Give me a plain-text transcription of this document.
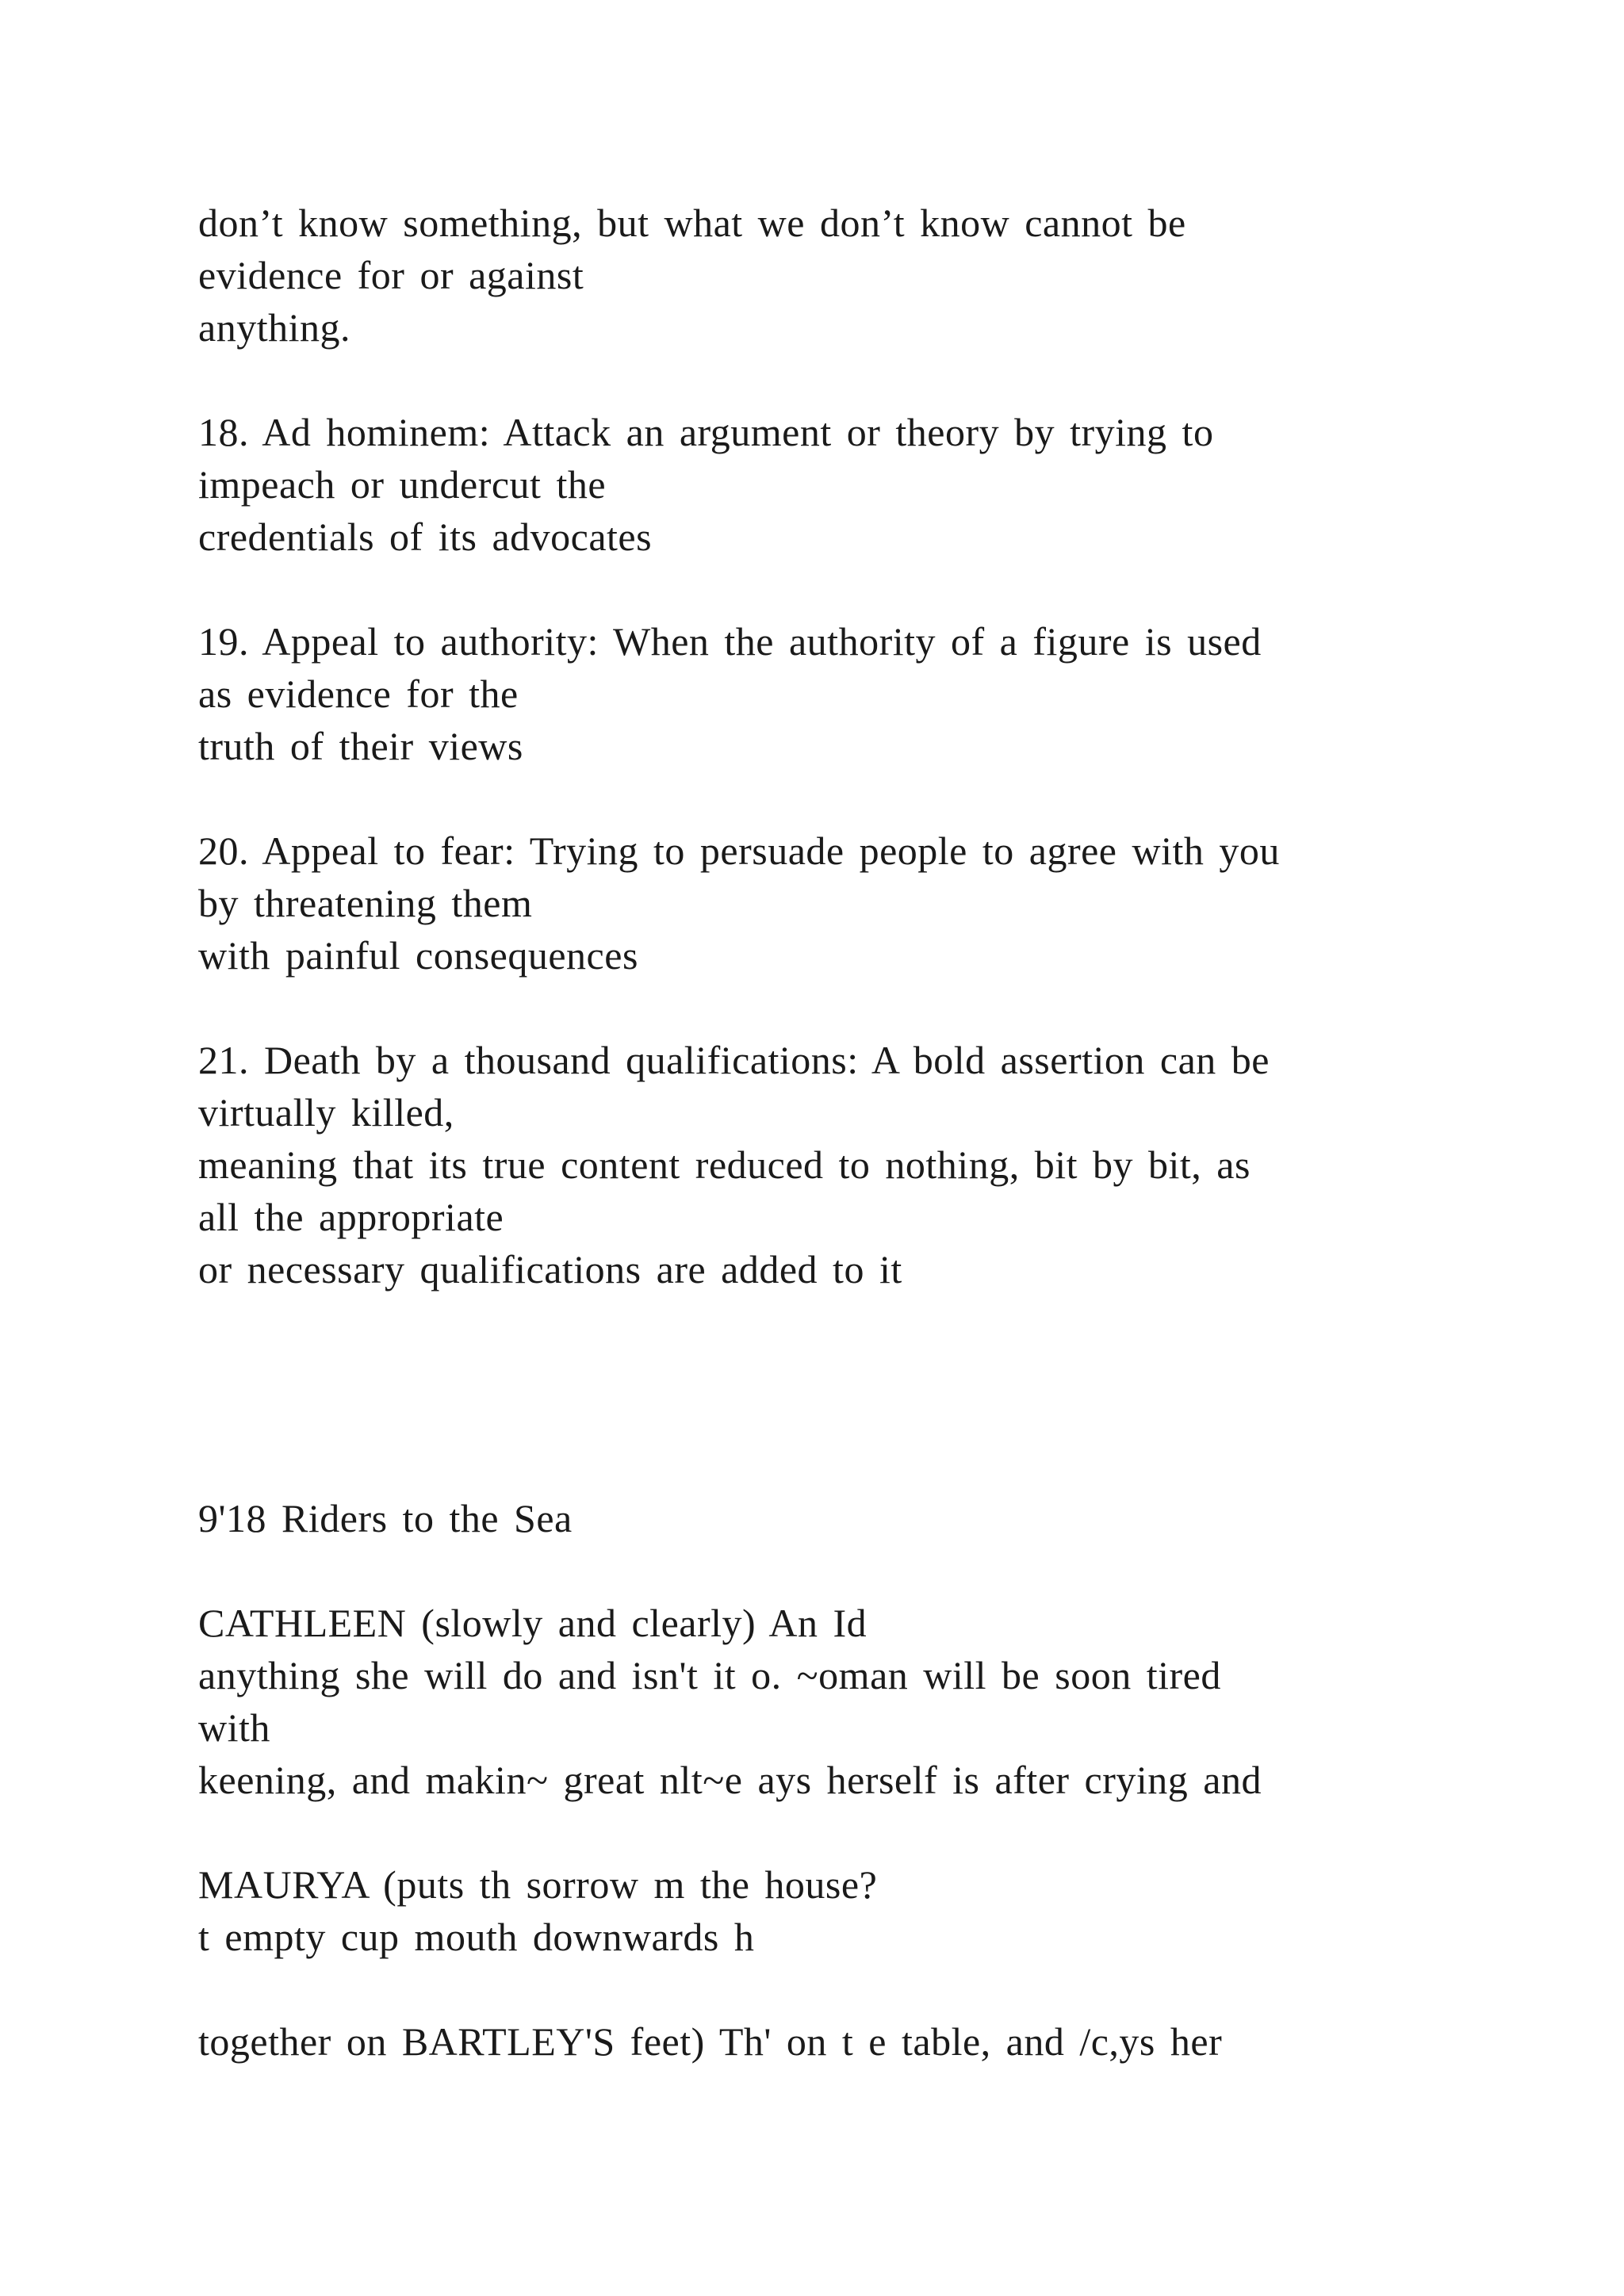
don’t know something, but what we don’t know cannot be
evidence for or against
anything.
18. Ad hominem: Attack an argument or theory by trying to
impeach or undercut the
credentials of its advocates
19. Appeal to authority: When the authority of a figure is used
as evidence for the
truth of their views
20. Appeal to fear: Trying to persuade people to agree with you
by threatening them
with painful consequences
21. Death by a thousand qualifications: A bold assertion can be
virtually killed,
meaning that its true content reduced to nothing, bit by bit, as
all the appropriate
or necessary qualifications are added to it
9'18 Riders to the Sea
CATHLEEN (slowly and clearly) An Id
anything she will do and isn't it o. ~oman will be soon tired
with
keening, and makin~ great nlt~e ays herself is after crying and
MAURYA (puts th sorrow m the house?
t empty cup mouth downwards h
together on BARTLEY'S feet) Th' on t e table, and /c,ys her
